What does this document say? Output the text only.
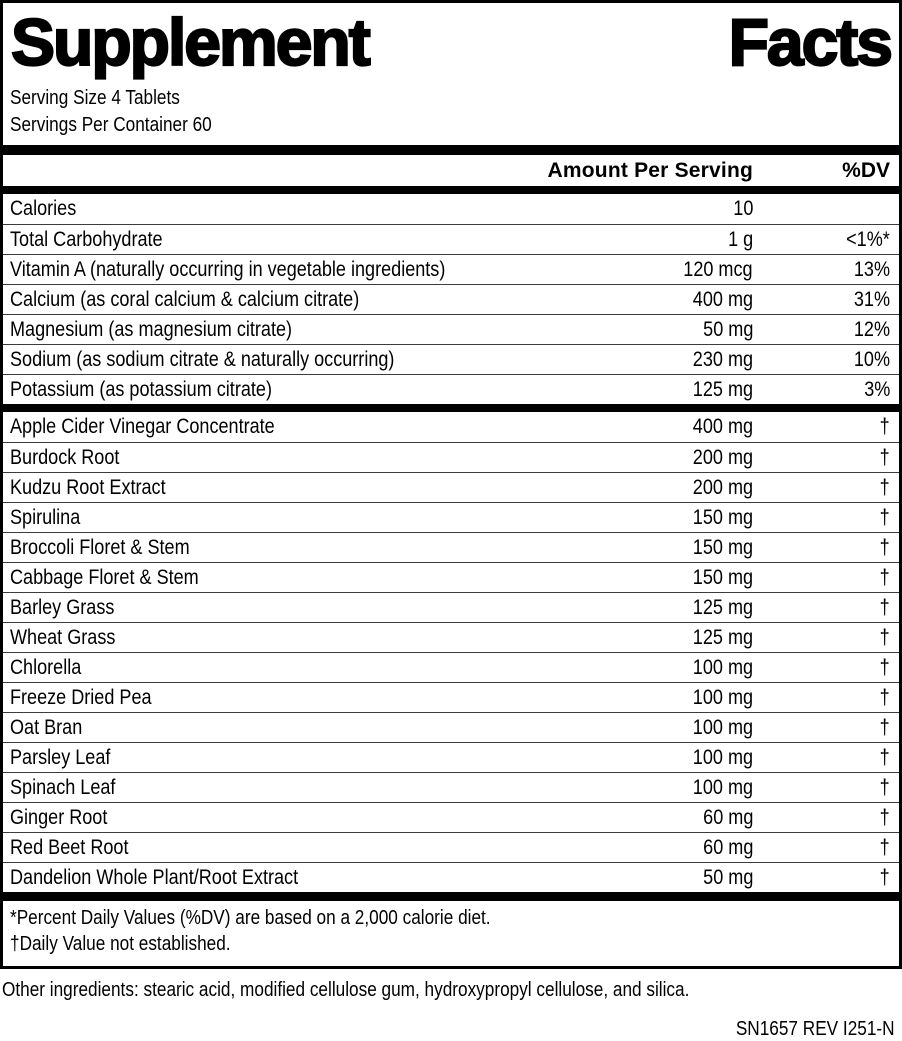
Supplement	Facts
Serving Size 4 Tablets
Servings Per Container 60
Amount Per Serving	%DV
Calories	10
Total Carbohydrate	1 g	<1%*
Vitamin A (naturally occurring in vegetable ingredients)	120 mcg	13%
Calcium (as coral calcium & calcium citrate)	400 mg	31%
Magnesium (as magnesium citrate)	50 mg	12%
Sodium (as sodium citrate & naturally occurring)	230 mg	10%
Potassium (as potassium citrate)	125 mg	3%
Apple Cider Vinegar Concentrate	400 mg	†
Burdock Root	200 mg	†
Kudzu Root Extract	200 mg	†
Spirulina	150 mg	†
Broccoli Floret & Stem	150 mg	†
Cabbage Floret & Stem	150 mg	†
Barley Grass	125 mg	†
Wheat Grass	125 mg	†
Chlorella	100 mg	†
Freeze Dried Pea	100 mg	†
Oat Bran	100 mg	†
Parsley Leaf	100 mg	†
Spinach Leaf	100 mg	†
Ginger Root	60 mg	†
Red Beet Root	60 mg	†
Dandelion Whole Plant/Root Extract	50 mg	†
*Percent Daily Values (%DV) are based on a 2,000 calorie diet.
†Daily Value not established.
Other ingredients: stearic acid, modified cellulose gum, hydroxypropyl cellulose, and silica.
SN1657 REV I251-N
